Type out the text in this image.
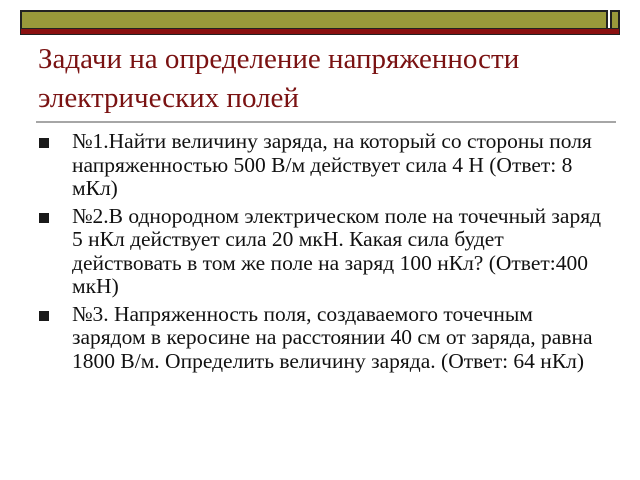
Задачи на определение напряженности электрических полей
№1.Найти величину заряда, на который со стороны поля напряженностью 500 В/м действует сила 4 Н (Ответ: 8 мКл)
№2.В однородном электрическом поле на точечный заряд 5 нКл действует сила 20 мкН. Какая сила будет действовать в том же поле на заряд 100 нКл? (Ответ:400 мкН)
№3. Напряженность поля, создаваемого точечным зарядом в керосине на расстоянии 40 см от заряда, равна 1800 В/м. Определить величину заряда. (Ответ: 64 нКл)
